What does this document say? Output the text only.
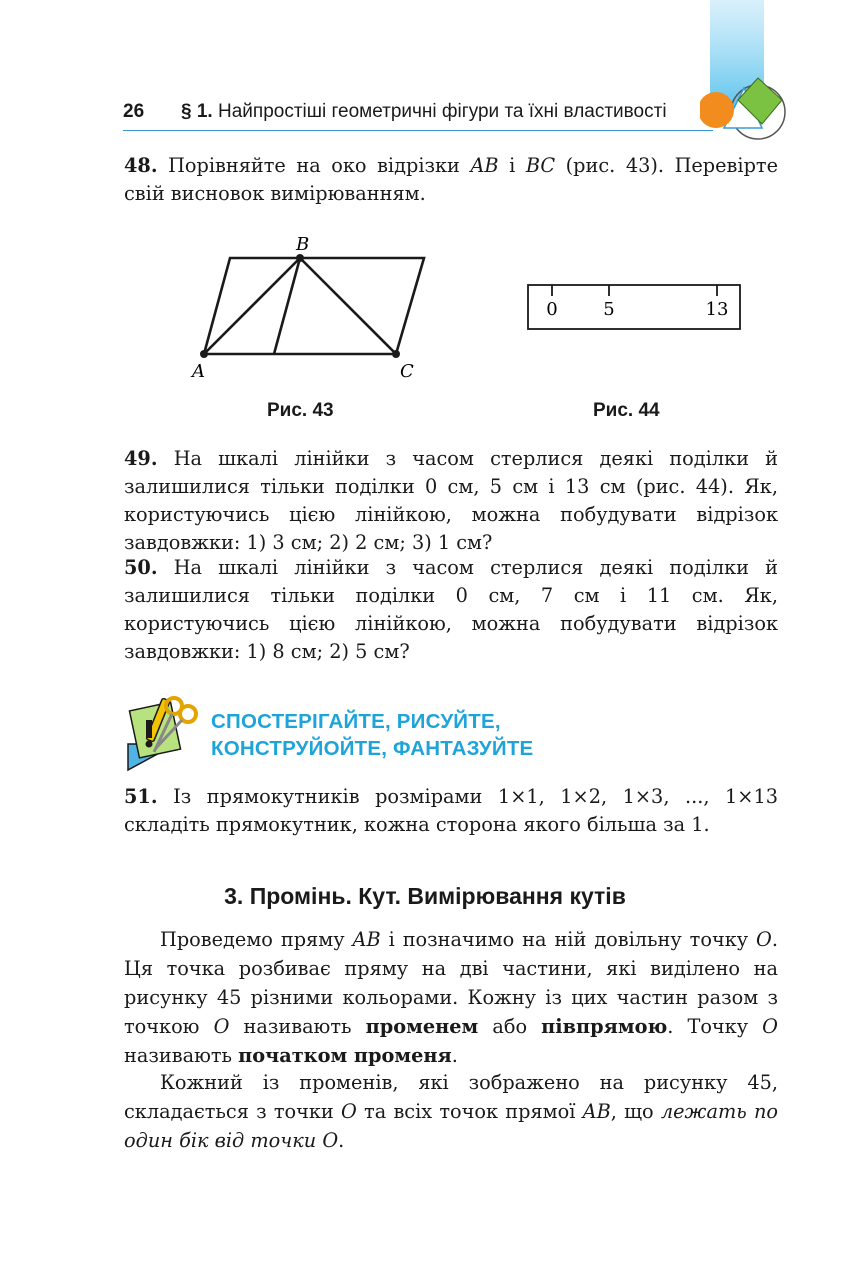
26 § 1. Найпростіші геометричні фігури та їхні властивості
48. Порівняйте на око відрізки AB і BC (рис. 43). Перевірте свій висновок вимірюванням.
A
B
C
Рис. 43
0	5	13
Рис. 44
49. На шкалі лінійки з часом стерлися деякі поділки й залишилися тільки поділки 0 см, 5 см і 13 см (рис. 44). Як, користуючись цією лінійкою, можна побудувати відрізок завдовжки: 1) 3 см; 2) 2 см; 3) 1 см?
50. На шкалі лінійки з часом стерлися деякі поділки й залишилися тільки поділки 0 см, 7 см і 11 см. Як, користуючись цією лінійкою, можна побудувати відрізок завдовжки: 1) 8 см; 2) 5 см?
СПОСТЕРІГАЙТЕ, РИСУЙТЕ,
КОНСТРУЙОЙТЕ, ФАНТАЗУЙТЕ
51. Із прямокутників розмірами 1×1, 1×2, 1×3, ..., 1×13 складіть прямокутник, кожна сторона якого більша за 1.
3. Промінь. Кут. Вимірювання кутів
Проведемо пряму AB і позначимо на ній довільну точку O. Ця точка розбиває пряму на дві частини, які виділено на рисунку 45 різними кольорами. Кожну із цих частин разом з точкою O називають променем або півпрямою. Точку O називають початком променя.
Кожний із променів, які зображено на рисунку 45, складається з точки O та всіх точок прямої AB, що лежать по один бік від точки O.
